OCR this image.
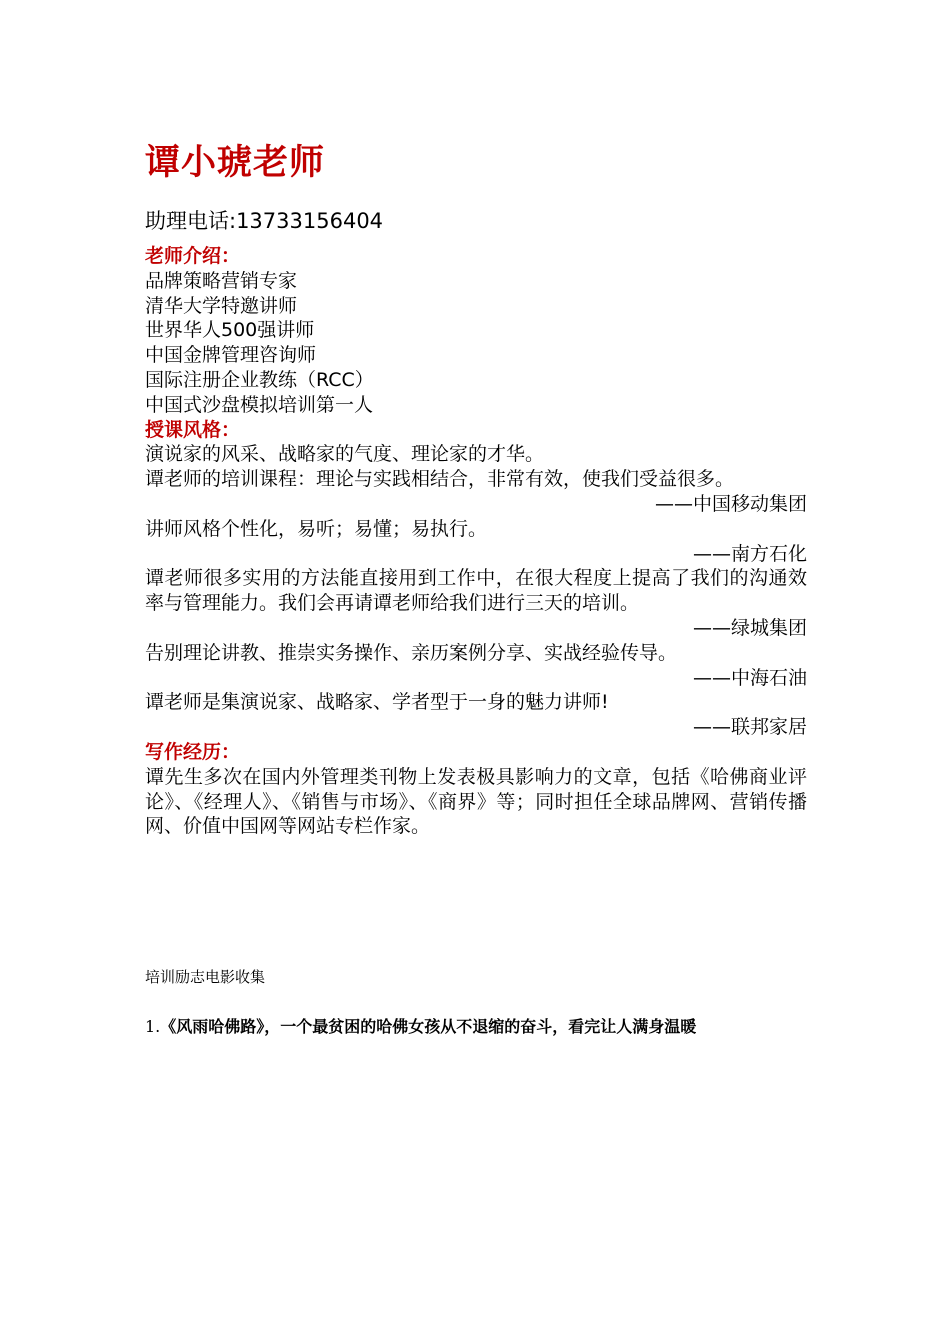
谭小琥老师
助理电话:13733156404
老师介绍：
品牌策略营销专家
清华大学特邀讲师
世界华人500强讲师
中国金牌管理咨询师
国际注册企业教练（RCC）
中国式沙盘模拟培训第一人
授课风格：
演说家的风采、战略家的气度、理论家的才华。
谭老师的培训课程：理论与实践相结合，非常有效，使我们受益很多。
——中国移动集团
讲师风格个性化，易听；易懂；易执行。
——南方石化
谭老师很多实用的方法能直接用到工作中，在很大程度上提高了我们的沟通效率与管理能力。我们会再请谭老师给我们进行三天的培训。
——绿城集团
告别理论讲教、推崇实务操作、亲历案例分享、实战经验传导。
——中海石油
谭老师是集演说家、战略家、学者型于一身的魅力讲师!
——联邦家居
写作经历：
谭先生多次在国内外管理类刊物上发表极具影响力的文章，包括《哈佛商业评论》、《经理人》、《销售与市场》、《商界》等；同时担任全球品牌网、营销传播网、价值中国网等网站专栏作家。
培训励志电影收集
1.《风雨哈佛路》，一个最贫困的哈佛女孩从不退缩的奋斗，看完让人满身温暖
